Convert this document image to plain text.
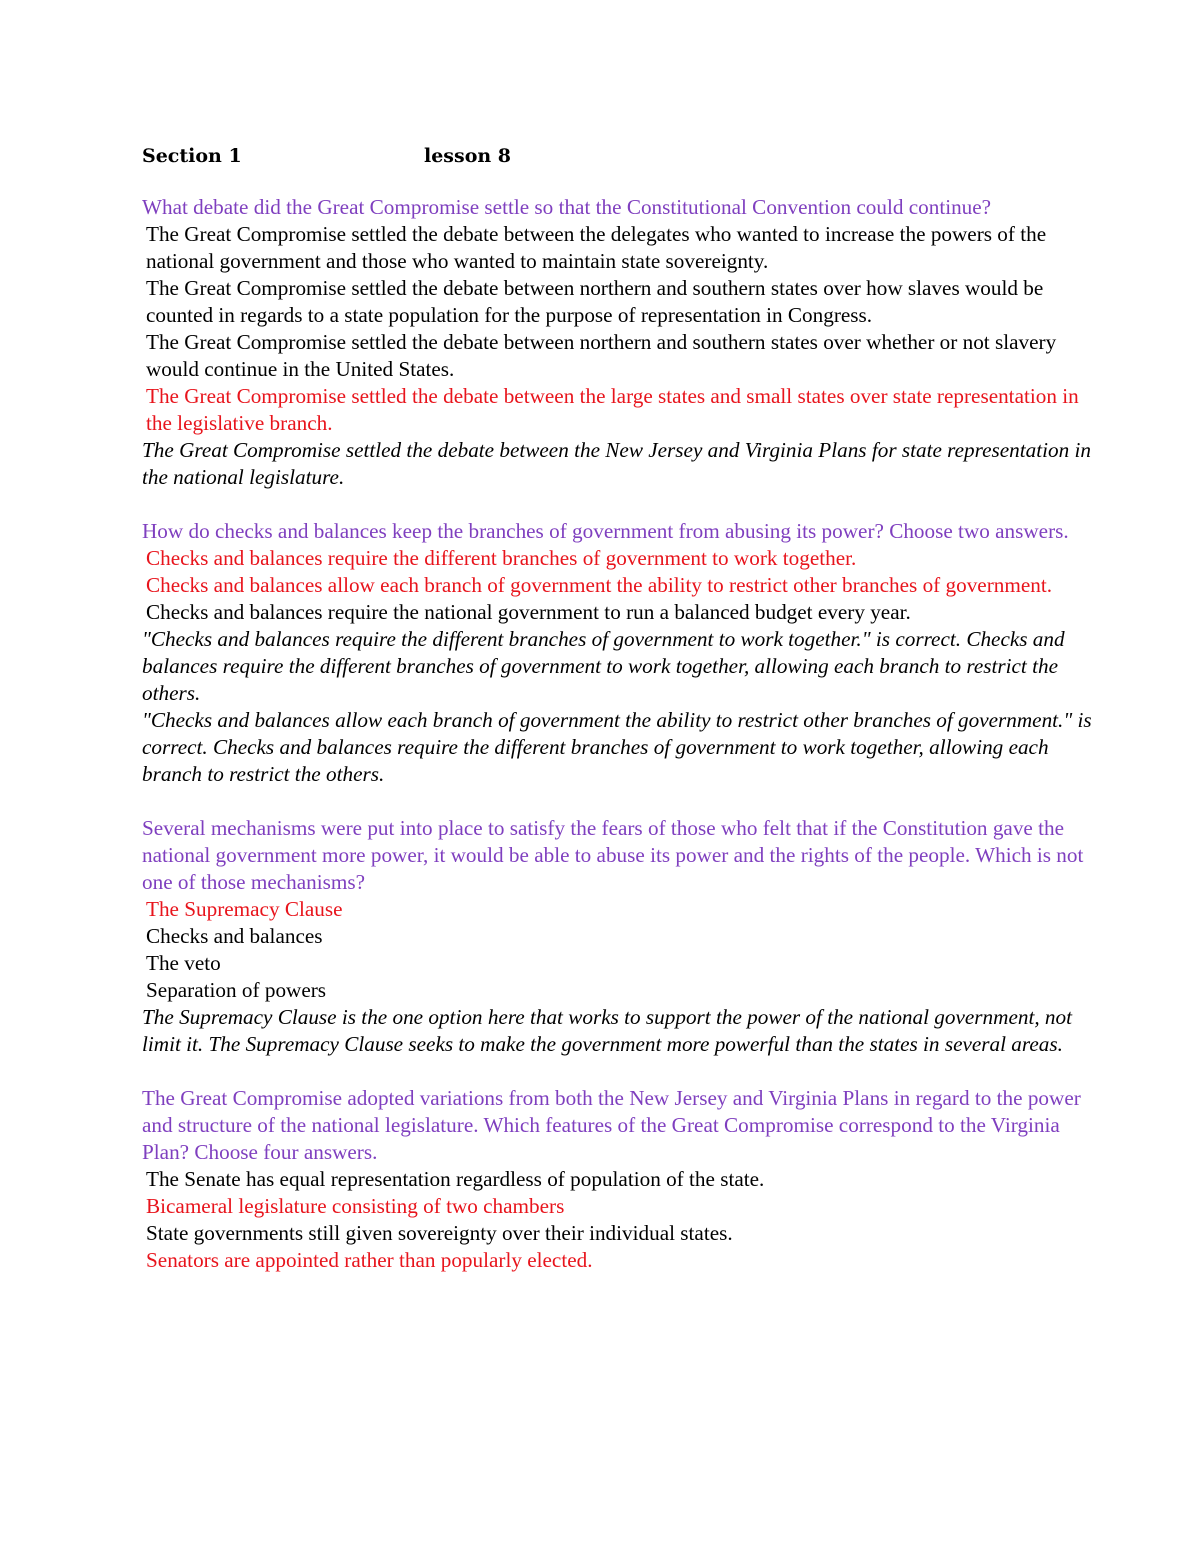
Section 1	lesson 8

What debate did the Great Compromise settle so that the Constitutional Convention could continue?

The Great Compromise settled the debate between the delegates who wanted to increase the powers of the national government and those who wanted to maintain state sovereignty.

The Great Compromise settled the debate between northern and southern states over how slaves would be counted in regards to a state population for the purpose of representation in Congress.

The Great Compromise settled the debate between northern and southern states over whether or not slavery would continue in the United States.

The Great Compromise settled the debate between the large states and small states over state representation in the legislative branch.

The Great Compromise settled the debate between the New Jersey and Virginia Plans for state representation in the national legislature.

How do checks and balances keep the branches of government from abusing its power? Choose two answers.

Checks and balances require the different branches of government to work together.

Checks and balances allow each branch of government the ability to restrict other branches of government.

Checks and balances require the national government to run a balanced budget every year.

"Checks and balances require the different branches of government to work together." is correct. Checks and balances require the different branches of government to work together, allowing each branch to restrict the others.

"Checks and balances allow each branch of government the ability to restrict other branches of government." is correct. Checks and balances require the different branches of government to work together, allowing each branch to restrict the others.

Several mechanisms were put into place to satisfy the fears of those who felt that if the Constitution gave the national government more power, it would be able to abuse its power and the rights of the people. Which is not one of those mechanisms?

The Supremacy Clause

Checks and balances

The veto

Separation of powers

The Supremacy Clause is the one option here that works to support the power of the national government, not limit it. The Supremacy Clause seeks to make the government more powerful than the states in several areas.

The Great Compromise adopted variations from both the New Jersey and Virginia Plans in regard to the power and structure of the national legislature. Which features of the Great Compromise correspond to the Virginia Plan? Choose four answers.

The Senate has equal representation regardless of population of the state.

Bicameral legislature consisting of two chambers

State governments still given sovereignty over their individual states.

Senators are appointed rather than popularly elected.
